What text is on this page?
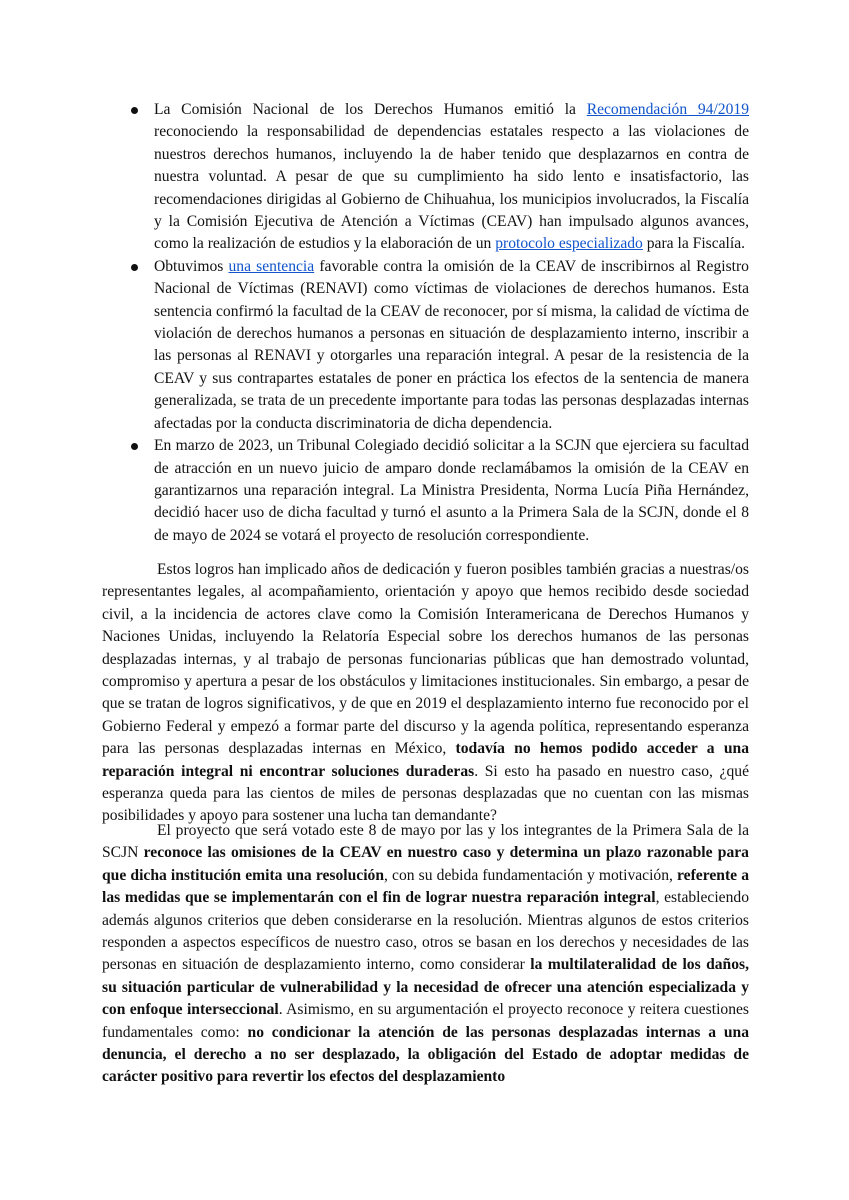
La Comisión Nacional de los Derechos Humanos emitió la Recomendación 94/2019 reconociendo la responsabilidad de dependencias estatales respecto a las violaciones de nuestros derechos humanos, incluyendo la de haber tenido que desplazarnos en contra de nuestra voluntad. A pesar de que su cumplimiento ha sido lento e insatisfactorio, las recomendaciones dirigidas al Gobierno de Chihuahua, los municipios involucrados, la Fiscalía y la Comisión Ejecutiva de Atención a Víctimas (CEAV) han impulsado algunos avances, como la realización de estudios y la elaboración de un protocolo especializado para la Fiscalía.
Obtuvimos una sentencia favorable contra la omisión de la CEAV de inscribirnos al Registro Nacional de Víctimas (RENAVI) como víctimas de violaciones de derechos humanos. Esta sentencia confirmó la facultad de la CEAV de reconocer, por sí misma, la calidad de víctima de violación de derechos humanos a personas en situación de desplazamiento interno, inscribir a las personas al RENAVI y otorgarles una reparación integral. A pesar de la resistencia de la CEAV y sus contrapartes estatales de poner en práctica los efectos de la sentencia de manera generalizada, se trata de un precedente importante para todas las personas desplazadas internas afectadas por la conducta discriminatoria de dicha dependencia.
En marzo de 2023, un Tribunal Colegiado decidió solicitar a la SCJN que ejerciera su facultad de atracción en un nuevo juicio de amparo donde reclamábamos la omisión de la CEAV en garantizarnos una reparación integral. La Ministra Presidenta, Norma Lucía Piña Hernández, decidió hacer uso de dicha facultad y turnó el asunto a la Primera Sala de la SCJN, donde el 8 de mayo de 2024 se votará el proyecto de resolución correspondiente.

Estos logros han implicado años de dedicación y fueron posibles también gracias a nuestras/os representantes legales, al acompañamiento, orientación y apoyo que hemos recibido desde sociedad civil, a la incidencia de actores clave como la Comisión Interamericana de Derechos Humanos y Naciones Unidas, incluyendo la Relatoría Especial sobre los derechos humanos de las personas desplazadas internas, y al trabajo de personas funcionarias públicas que han demostrado voluntad, compromiso y apertura a pesar de los obstáculos y limitaciones institucionales. Sin embargo, a pesar de que se tratan de logros significativos, y de que en 2019 el desplazamiento interno fue reconocido por el Gobierno Federal y empezó a formar parte del discurso y la agenda política, representando esperanza para las personas desplazadas internas en México, todavía no hemos podido acceder a una reparación integral ni encontrar soluciones duraderas. Si esto ha pasado en nuestro caso, ¿qué esperanza queda para las cientos de miles de personas desplazadas que no cuentan con las mismas posibilidades y apoyo para sostener una lucha tan demandante?

El proyecto que será votado este 8 de mayo por las y los integrantes de la Primera Sala de la SCJN reconoce las omisiones de la CEAV en nuestro caso y determina un plazo razonable para que dicha institución emita una resolución, con su debida fundamentación y motivación, referente a las medidas que se implementarán con el fin de lograr nuestra reparación integral, estableciendo además algunos criterios que deben considerarse en la resolución. Mientras algunos de estos criterios responden a aspectos específicos de nuestro caso, otros se basan en los derechos y necesidades de las personas en situación de desplazamiento interno, como considerar la multilateralidad de los daños, su situación particular de vulnerabilidad y la necesidad de ofrecer una atención especializada y con enfoque interseccional. Asimismo, en su argumentación el proyecto reconoce y reitera cuestiones fundamentales como: no condicionar la atención de las personas desplazadas internas a una denuncia, el derecho a no ser desplazado, la obligación del Estado de adoptar medidas de carácter positivo para revertir los efectos del desplazamiento
